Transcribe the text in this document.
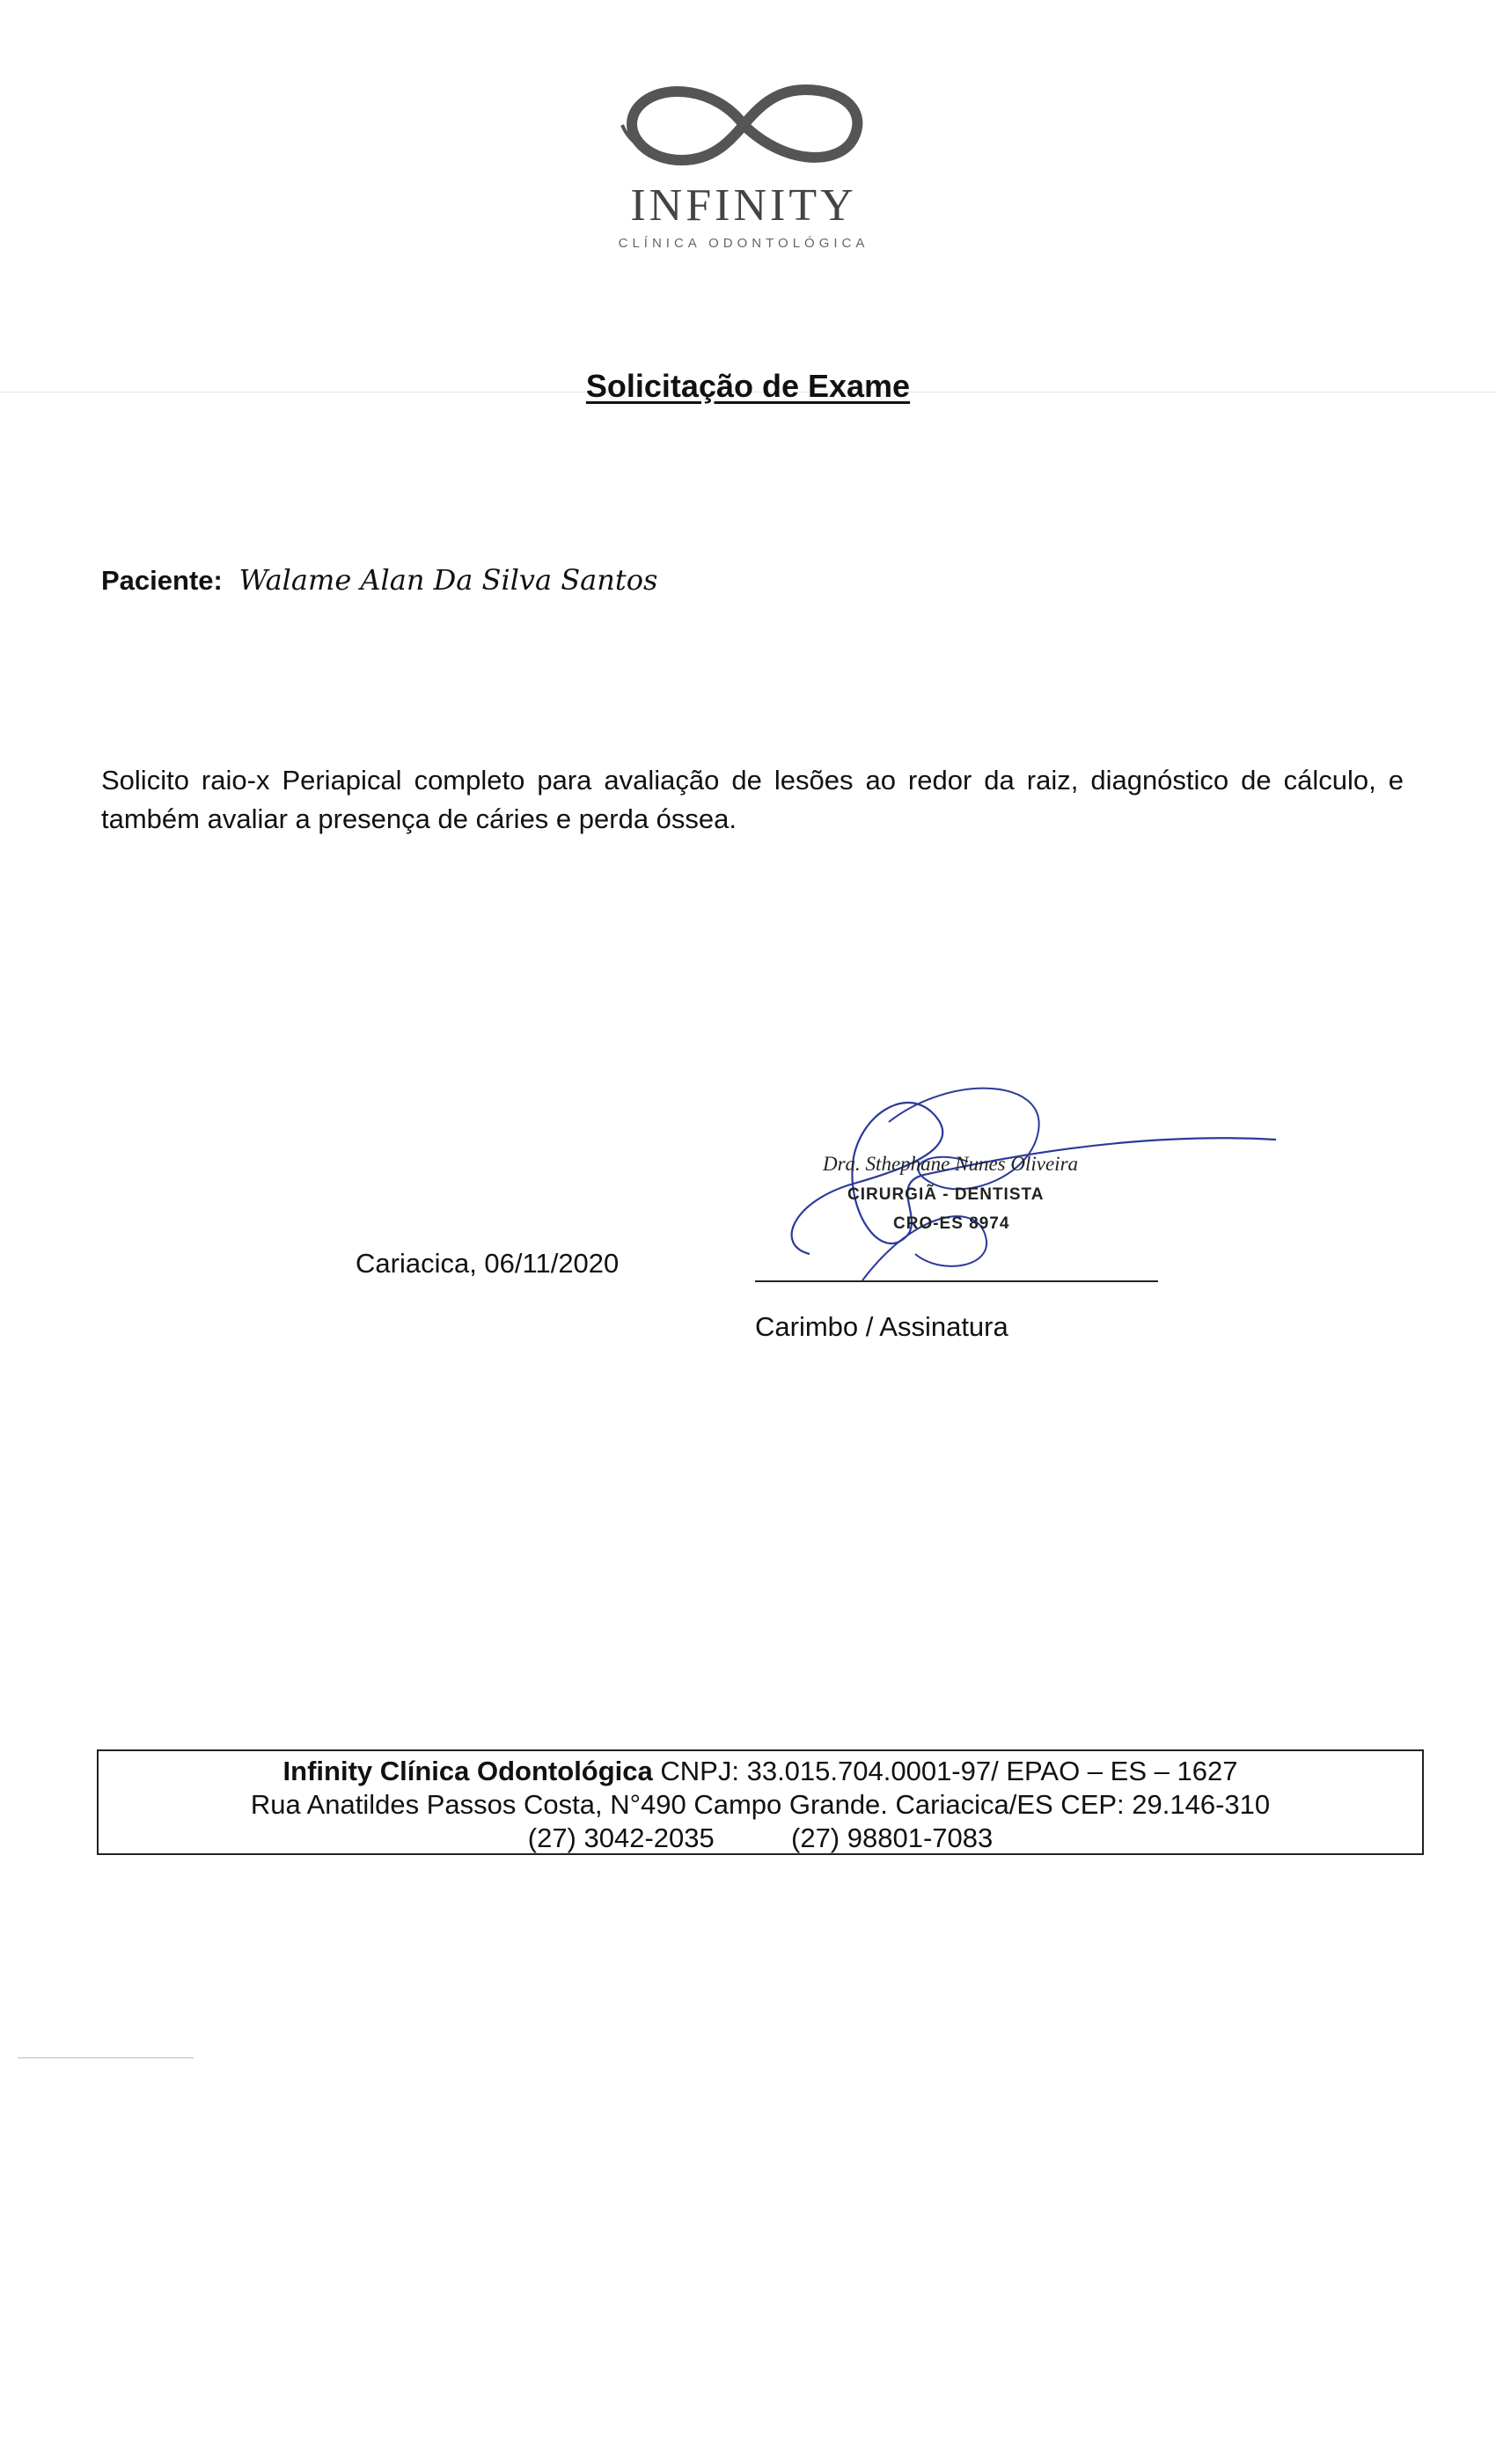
INFINITY
CLÍNICA ODONTOLÓGICA
Solicitação de Exame
Paciente: Walame Alan Da Silva Santos
Solicito raio-x Periapical completo para avaliação de lesões ao redor da raiz, diagnóstico de cálculo, e também avaliar a presença de cáries e perda óssea.
Cariacica, 06/11/2020
Dra. Sthephane Nunes Oliveira
CIRURGIÃ - DENTISTA
CRO-ES 8974
Carimbo / Assinatura
Infinity Clínica Odontológica CNPJ: 33.015.704.0001-97/ EPAO – ES – 1627
Rua Anatildes Passos Costa, N°490 Campo Grande. Cariacica/ES CEP: 29.146-310
(27) 3042-2035	(27) 98801-7083
